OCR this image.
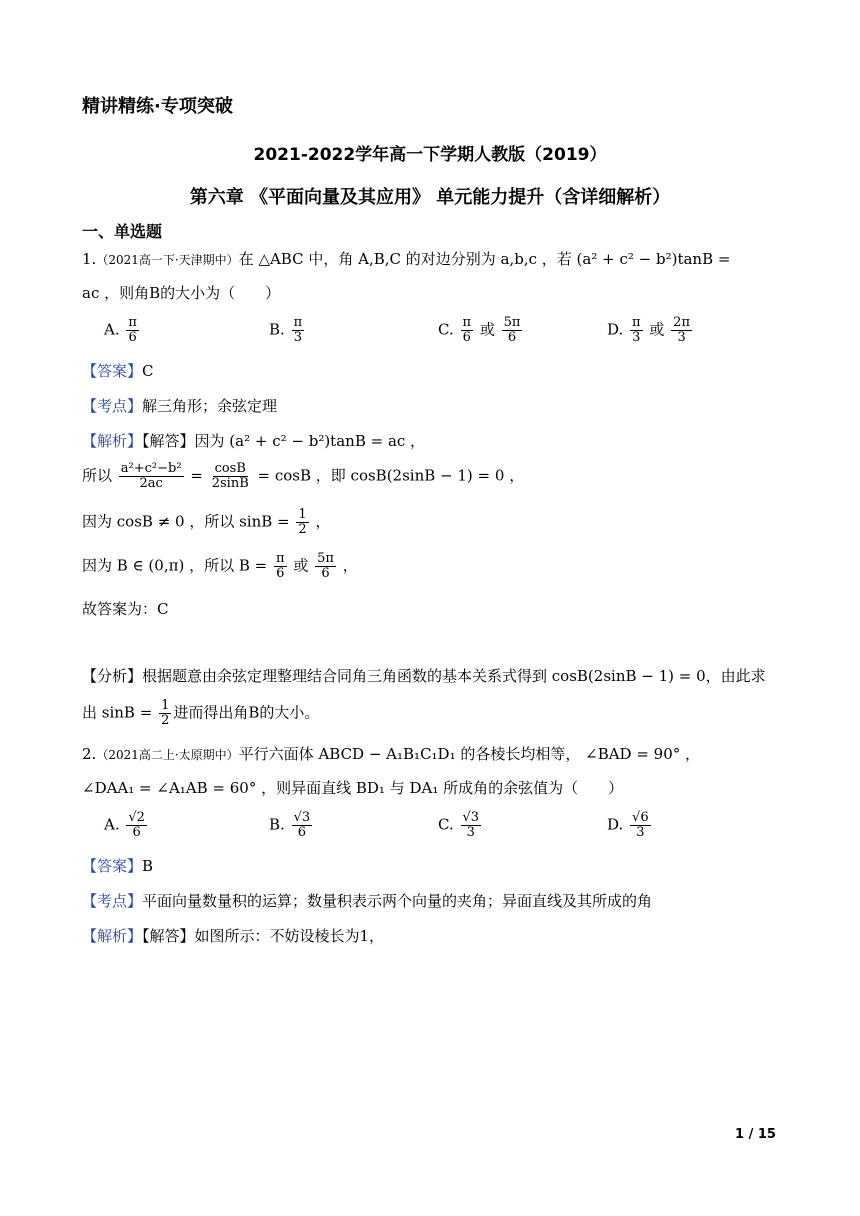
精讲精练·专项突破
2021-2022学年高一下学期人教版（2019）
第六章 《平面向量及其应用》 单元能力提升（含详细解析）
一、单选题
1.（2021高一下·天津期中）在 △ABC 中，角 A,B,C 的对边分别为 a,b,c ，若 (a² + c² − b²)tanB =
ac ，则角B的大小为（　　）
A. $\frac{\pi}{6}$	B. $\frac{\pi}{3}$	C. $\frac{\pi}{6}$ 或 $\frac{5\pi}{6}$	D. $\frac{\pi}{3}$ 或 $\frac{2\pi}{3}$
【答案】C
【考点】解三角形；余弦定理
【解析】【解答】因为 (a² + c² − b²)tanB = ac ，
所以 $\frac{\text{a²+c²−b²}}{2ac} = \frac{\cos B}{2\sin B} = \cos B$ ，即 cosB(2sinB − 1) = 0 ，
因为 cosB ≠ 0 ，所以 $\sin B = \frac{1}{2}$ ，
因为 B ∈ (0,π) ，所以 $B = \frac{\pi}{6}$ 或 $\frac{5\pi}{6}$ ，
故答案为：C
【分析】根据题意由余弦定理整理结合同角三角函数的基本关系式得到 cosB(2sinB − 1) = 0，由此求
出 $\sin B = \frac{1}{2}$ 进而得出角B的大小。
2.（2021高二上·太原期中）平行六面体 ABCD − A₁B₁C₁D₁ 的各棱长均相等， ∠BAD = 90° ，
∠DAA₁ = ∠A₁AB = 60° ，则异面直线 BD₁ 与 DA₁ 所成角的余弦值为（　　）
A. $\frac{√2}{6}$	B. $\frac{√3}{6}$	C. $\frac{√3}{3}$	D. $\frac{√6}{3}$
【答案】B
【考点】平面向量数量积的运算；数量积表示两个向量的夹角；异面直线及其所成的角
【解析】【解答】如图所示：不妨设棱长为1，
1 / 15
